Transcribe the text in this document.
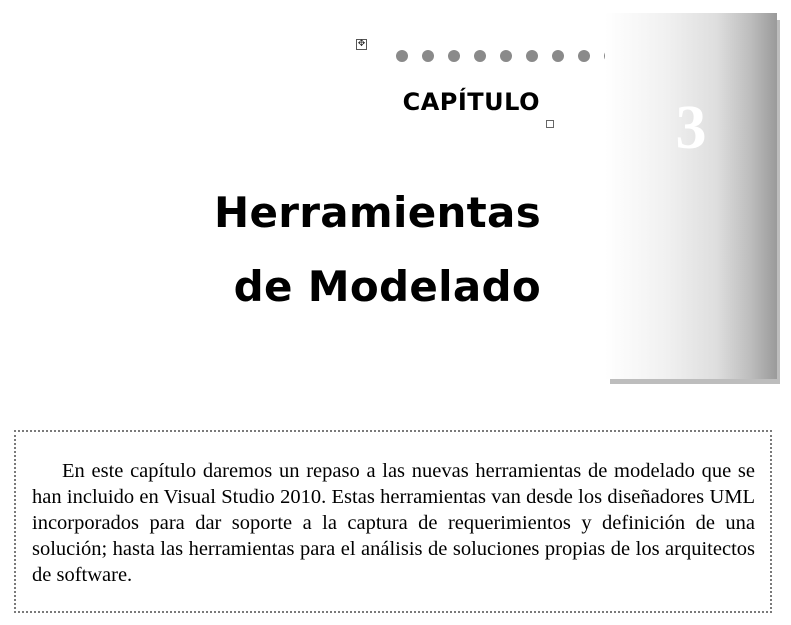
✥
CAPÍTULO
Herramientas
de Modelado
3

En este capítulo daremos un repaso a las nuevas herramientas de modelado que se han incluido en Visual Studio 2010. Estas herramientas van desde los diseñadores UML incorporados para dar soporte a la captura de requerimientos y definición de una solución; hasta las herramientas para el análisis de soluciones propias de los arquitectos de software.
